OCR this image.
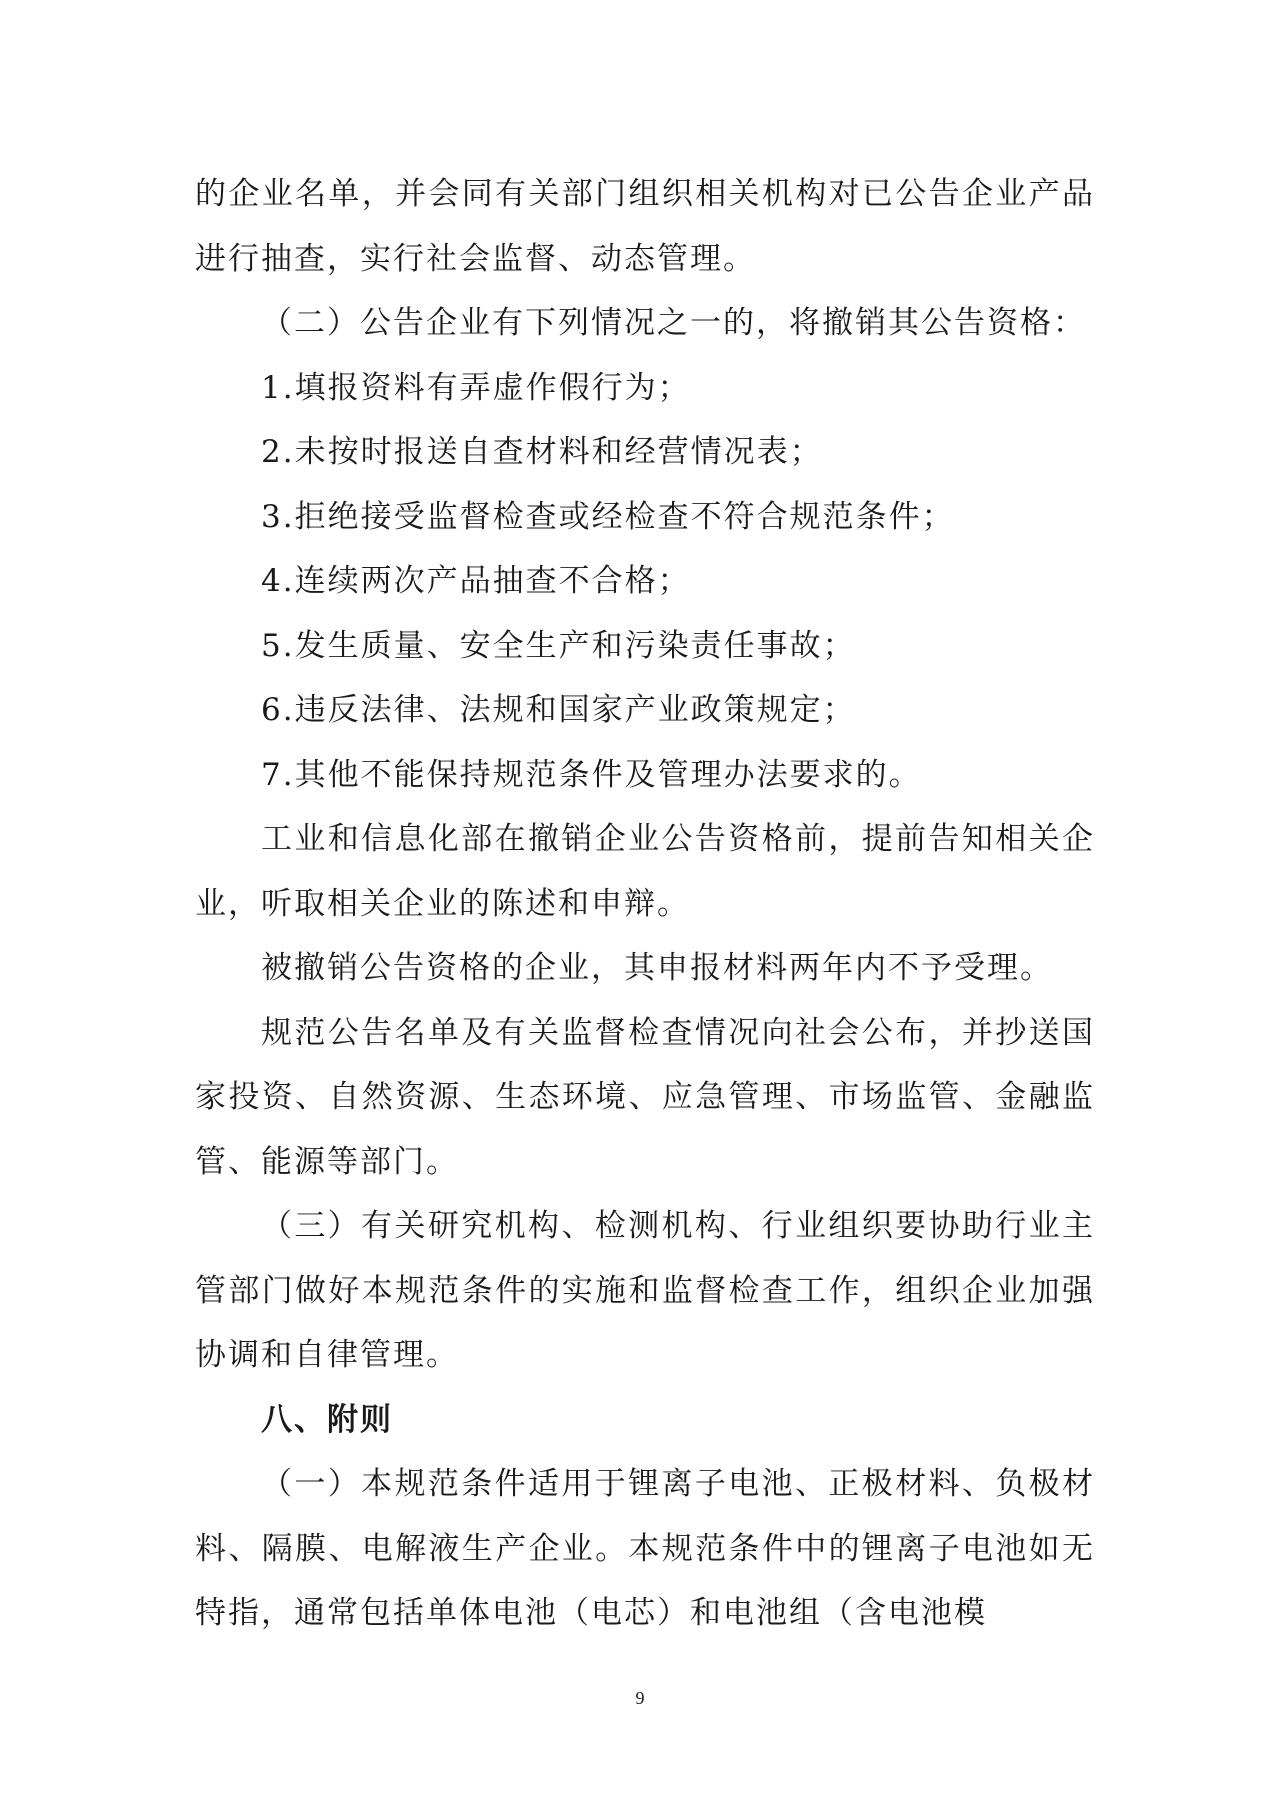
的企业名单，并会同有关部门组织相关机构对已公告企业产品进行抽查，实行社会监督、动态管理。

（二）公告企业有下列情况之一的，将撤销其公告资格：

1.填报资料有弄虚作假行为；

2.未按时报送自查材料和经营情况表；

3.拒绝接受监督检查或经检查不符合规范条件；

4.连续两次产品抽查不合格；

5.发生质量、安全生产和污染责任事故；

6.违反法律、法规和国家产业政策规定；

7.其他不能保持规范条件及管理办法要求的。

工业和信息化部在撤销企业公告资格前，提前告知相关企业，听取相关企业的陈述和申辩。

被撤销公告资格的企业，其申报材料两年内不予受理。

规范公告名单及有关监督检查情况向社会公布，并抄送国家投资、自然资源、生态环境、应急管理、市场监管、金融监管、能源等部门。

（三）有关研究机构、检测机构、行业组织要协助行业主管部门做好本规范条件的实施和监督检查工作，组织企业加强协调和自律管理。

八、附则

（一）本规范条件适用于锂离子电池、正极材料、负极材料、隔膜、电解液生产企业。本规范条件中的锂离子电池如无特指，通常包括单体电池（电芯）和电池组（含电池模

9
